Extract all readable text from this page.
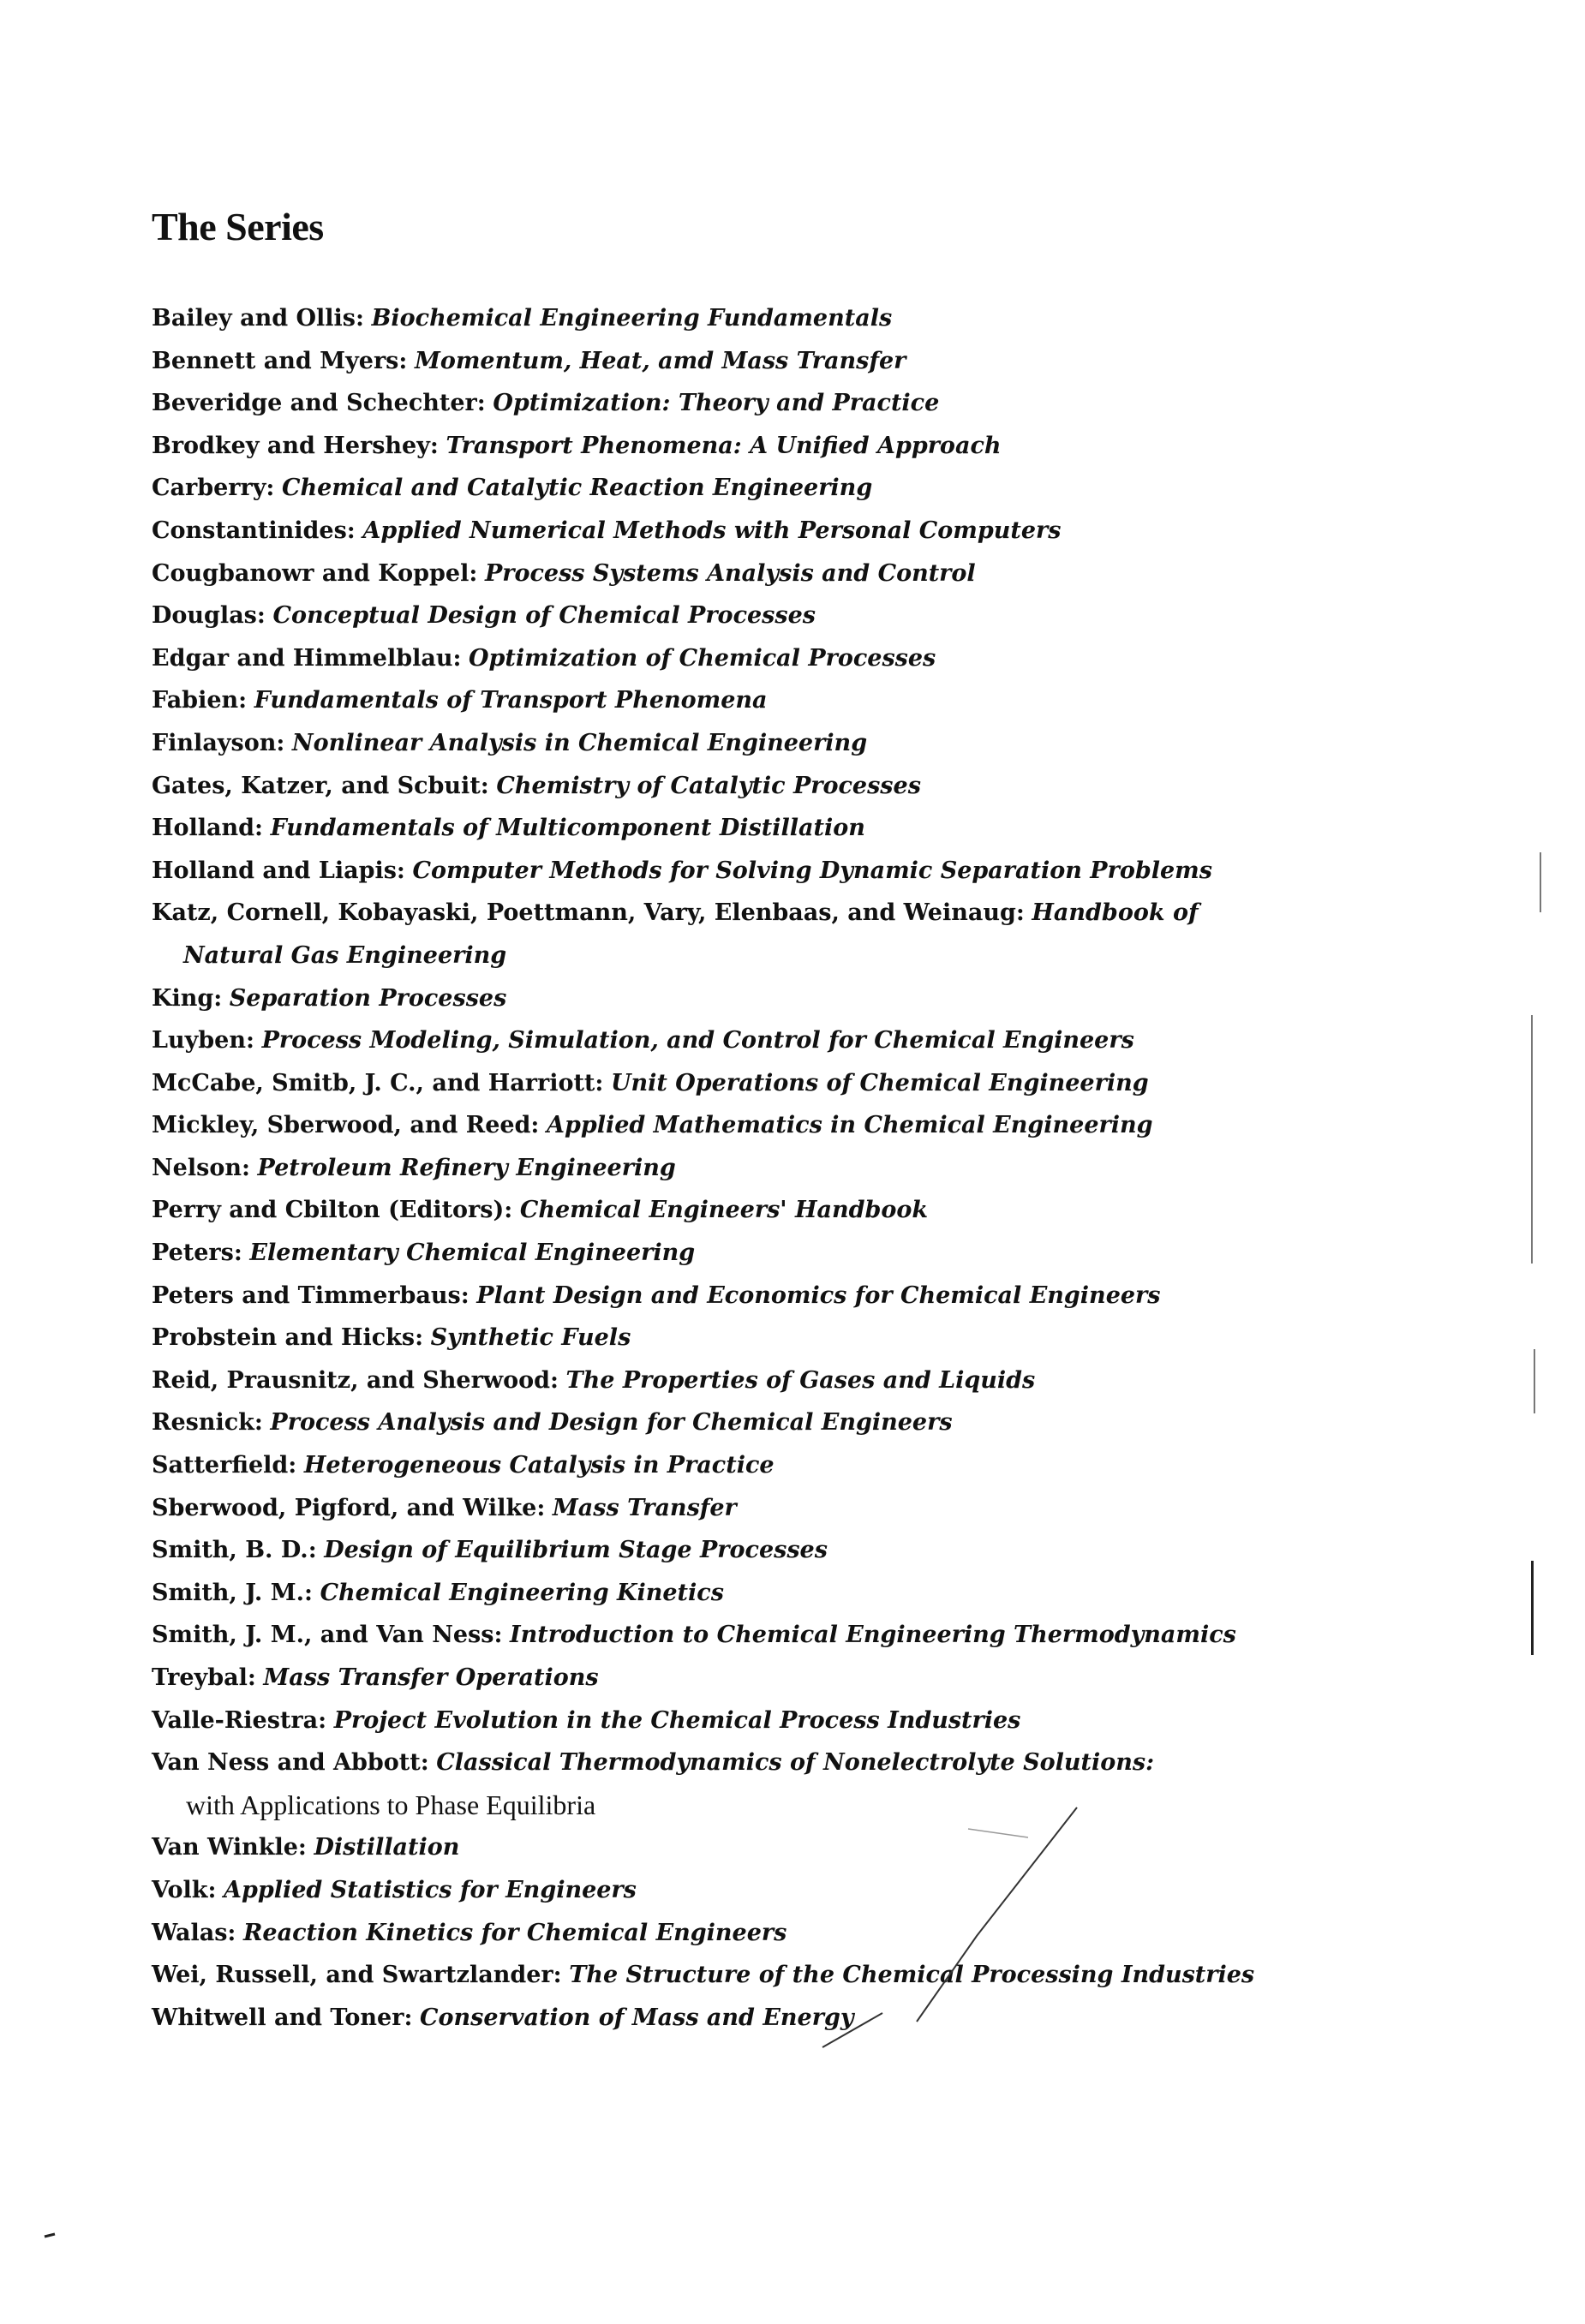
The Series
Bailey and Ollis: Biochemical Engineering Fundamentals
Bennett and Myers: Momentum, Heat, amd Mass Transfer
Beveridge and Schechter: Optimization: Theory and Practice
Brodkey and Hershey: Transport Phenomena: A Unified Approach
Carberry: Chemical and Catalytic Reaction Engineering
Constantinides: Applied Numerical Methods with Personal Computers
Cougbanowr and Koppel: Process Systems Analysis and Control
Douglas: Conceptual Design of Chemical Processes
Edgar and Himmelblau: Optimization of Chemical Processes
Fabien: Fundamentals of Transport Phenomena
Finlayson: Nonlinear Analysis in Chemical Engineering
Gates, Katzer, and Scbuit: Chemistry of Catalytic Processes
Holland: Fundamentals of Multicomponent Distillation
Holland and Liapis: Computer Methods for Solving Dynamic Separation Problems
Katz, Cornell, Kobayaski, Poettmann, Vary, Elenbaas, and Weinaug: Handbook of
Natural Gas Engineering
King: Separation Processes
Luyben: Process Modeling, Simulation, and Control for Chemical Engineers
McCabe, Smitb, J. C., and Harriott: Unit Operations of Chemical Engineering
Mickley, Sberwood, and Reed: Applied Mathematics in Chemical Engineering
Nelson: Petroleum Refinery Engineering
Perry and Cbilton (Editors): Chemical Engineers' Handbook
Peters: Elementary Chemical Engineering
Peters and Timmerbaus: Plant Design and Economics for Chemical Engineers
Probstein and Hicks: Synthetic Fuels
Reid, Prausnitz, and Sherwood: The Properties of Gases and Liquids
Resnick: Process Analysis and Design for Chemical Engineers
Satterfield: Heterogeneous Catalysis in Practice
Sberwood, Pigford, and Wilke: Mass Transfer
Smith, B. D.: Design of Equilibrium Stage Processes
Smith, J. M.: Chemical Engineering Kinetics
Smith, J. M., and Van Ness: Introduction to Chemical Engineering Thermodynamics
Treybal: Mass Transfer Operations
Valle-Riestra: Project Evolution in the Chemical Process Industries
Van Ness and Abbott: Classical Thermodynamics of Nonelectrolyte Solutions:
with Applications to Phase Equilibria
Van Winkle: Distillation
Volk: Applied Statistics for Engineers
Walas: Reaction Kinetics for Chemical Engineers
Wei, Russell, and Swartzlander: The Structure of the Chemical Processing Industries
Whitwell and Toner: Conservation of Mass and Energy
